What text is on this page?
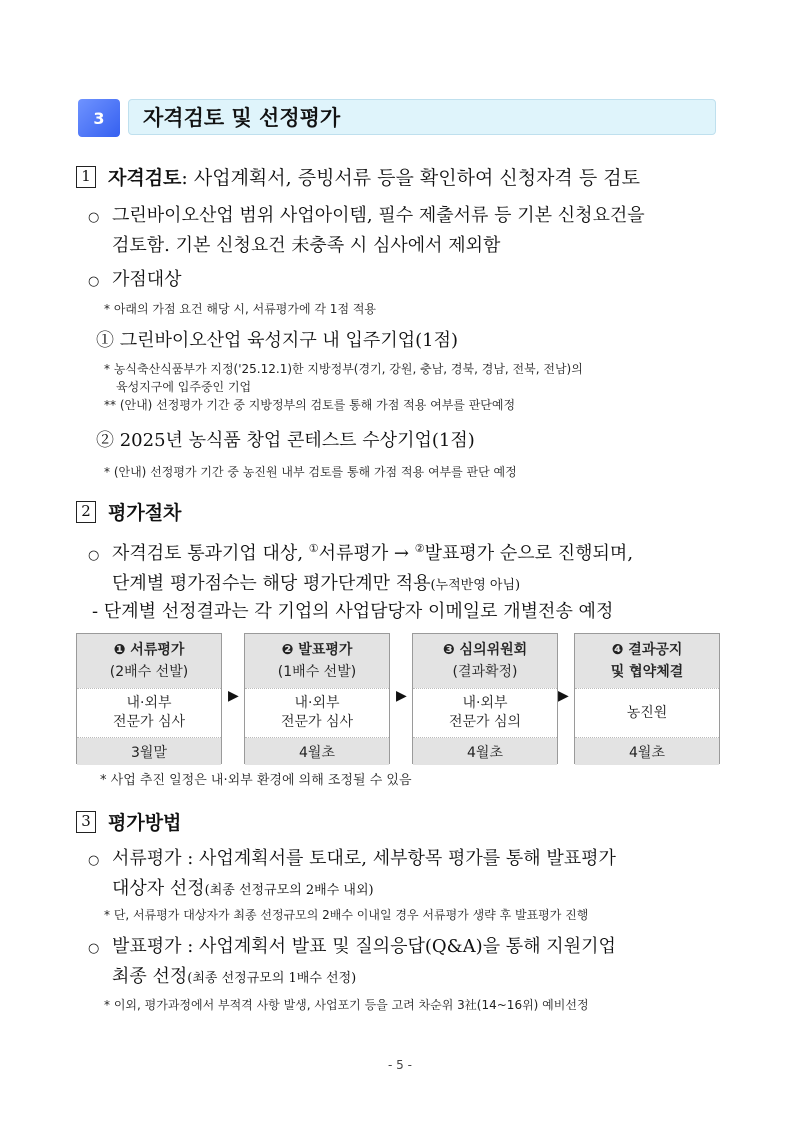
3	자격검토 및 선정평가
1 자격검토 : 사업계획서, 증빙서류 등을 확인하여 신청자격 등 검토
○ 그린바이오산업 범위 사업아이템, 필수 제출서류 등 기본 신청요건을
검토함. 기본 신청요건 未충족 시 심사에서 제외함
○ 가점대상
* 아래의 가점 요건 해당 시, 서류평가에 각 1점 적용
① 그린바이오산업 육성지구 내 입주기업(1점)
* 농식축산식품부가 지정('25.12.1)한 지방정부(경기, 강원, 충남, 경북, 경남, 전북, 전남)의
육성지구에 입주중인 기업
** (안내) 선정평가 기간 중 지방정부의 검토를 통해 가점 적용 여부를 판단예정
② 2025년 농식품 창업 콘테스트 수상기업(1점)
* (안내) 선정평가 기간 중 농진원 내부 검토를 통해 가점 적용 여부를 판단 예정
2 평가절차
○ 자격검토 통과기업 대상, ①서류평가 → ②발표평가 순으로 진행되며,
단계별 평가점수는 해당 평가단계만 적용(누적반영 아님)
- 단계별 선정결과는 각 기업의 사업담당자 이메일로 개별전송 예정
❶ 서류평가
(2배수 선발)
내·외부
전문가 심사
3월말
▶
❷ 발표평가
(1배수 선발)
내·외부
전문가 심사
4월초
▶
❸ 심의위원회
(결과확정)
내·외부
전문가 심의
4월초
▶
❹ 결과공지
및 협약체결
농진원
4월초
* 사업 추진 일정은 내·외부 환경에 의해 조정될 수 있음
3 평가방법
○ 서류평가 : 사업계획서를 토대로, 세부항목 평가를 통해 발표평가
대상자 선정(최종 선정규모의 2배수 내외)
* 단, 서류평가 대상자가 최종 선정규모의 2배수 이내일 경우 서류평가 생략 후 발표평가 진행
○ 발표평가 : 사업계획서 발표 및 질의응답(Q&A)을 통해 지원기업
최종 선정(최종 선정규모의 1배수 선정)
* 이외, 평가과정에서 부적격 사항 발생, 사업포기 등을 고려 차순위 3社(14~16위) 예비선정
- 5 -
